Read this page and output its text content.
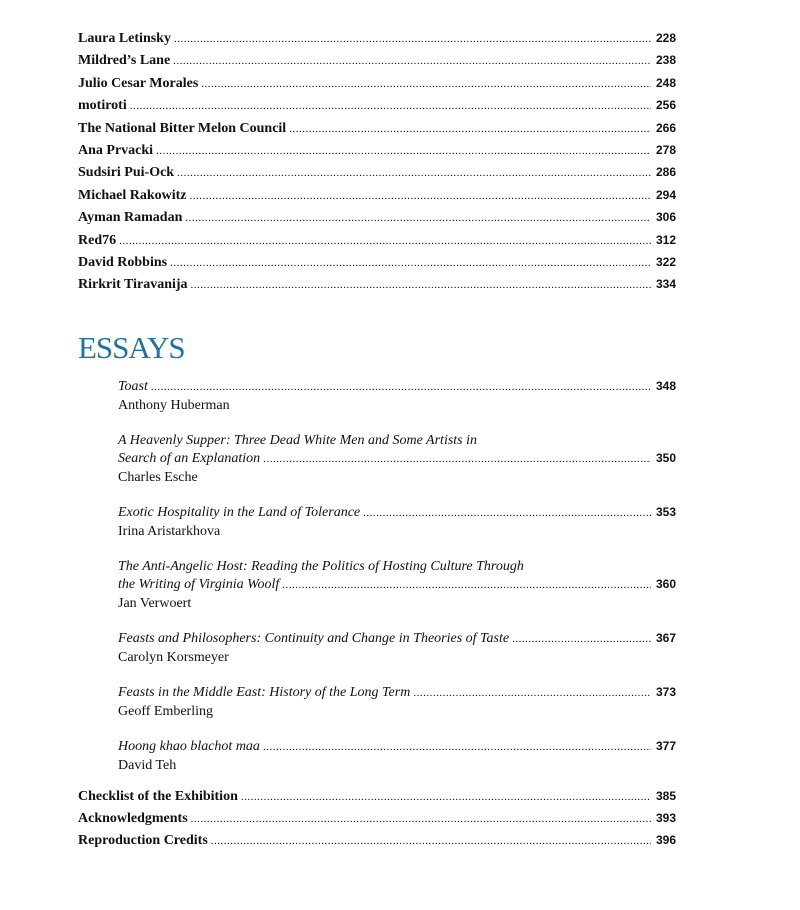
Laura Letinsky .....	228
Mildred’s Lane .....	238
Julio Cesar Morales .....	248
motiroti .....	256
The National Bitter Melon Council .....	266
Ana Prvacki .....	278
Sudsiri Pui-Ock .....	286
Michael Rakowitz .....	294
Ayman Ramadan .....	306
Red76 .....	312
David Robbins .....	322
Rirkrit Tiravanija .....	334
ESSAYS
Toast .....	348
Anthony Huberman
A Heavenly Supper: Three Dead White Men and Some Artists in
Search of an Explanation .....	350
Charles Esche
Exotic Hospitality in the Land of Tolerance .....	353
Irina Aristarkhova
The Anti-Angelic Host: Reading the Politics of Hosting Culture Through
the Writing of Virginia Woolf .....	360
Jan Verwoert
Feasts and Philosophers: Continuity and Change in Theories of Taste .....	367
Carolyn Korsmeyer
Feasts in the Middle East: History of the Long Term .....	373
Geoff Emberling
Hoong khao blachot maa .....	377
David Teh
Checklist of the Exhibition .....	385
Acknowledgments .....	393
Reproduction Credits .....	396
